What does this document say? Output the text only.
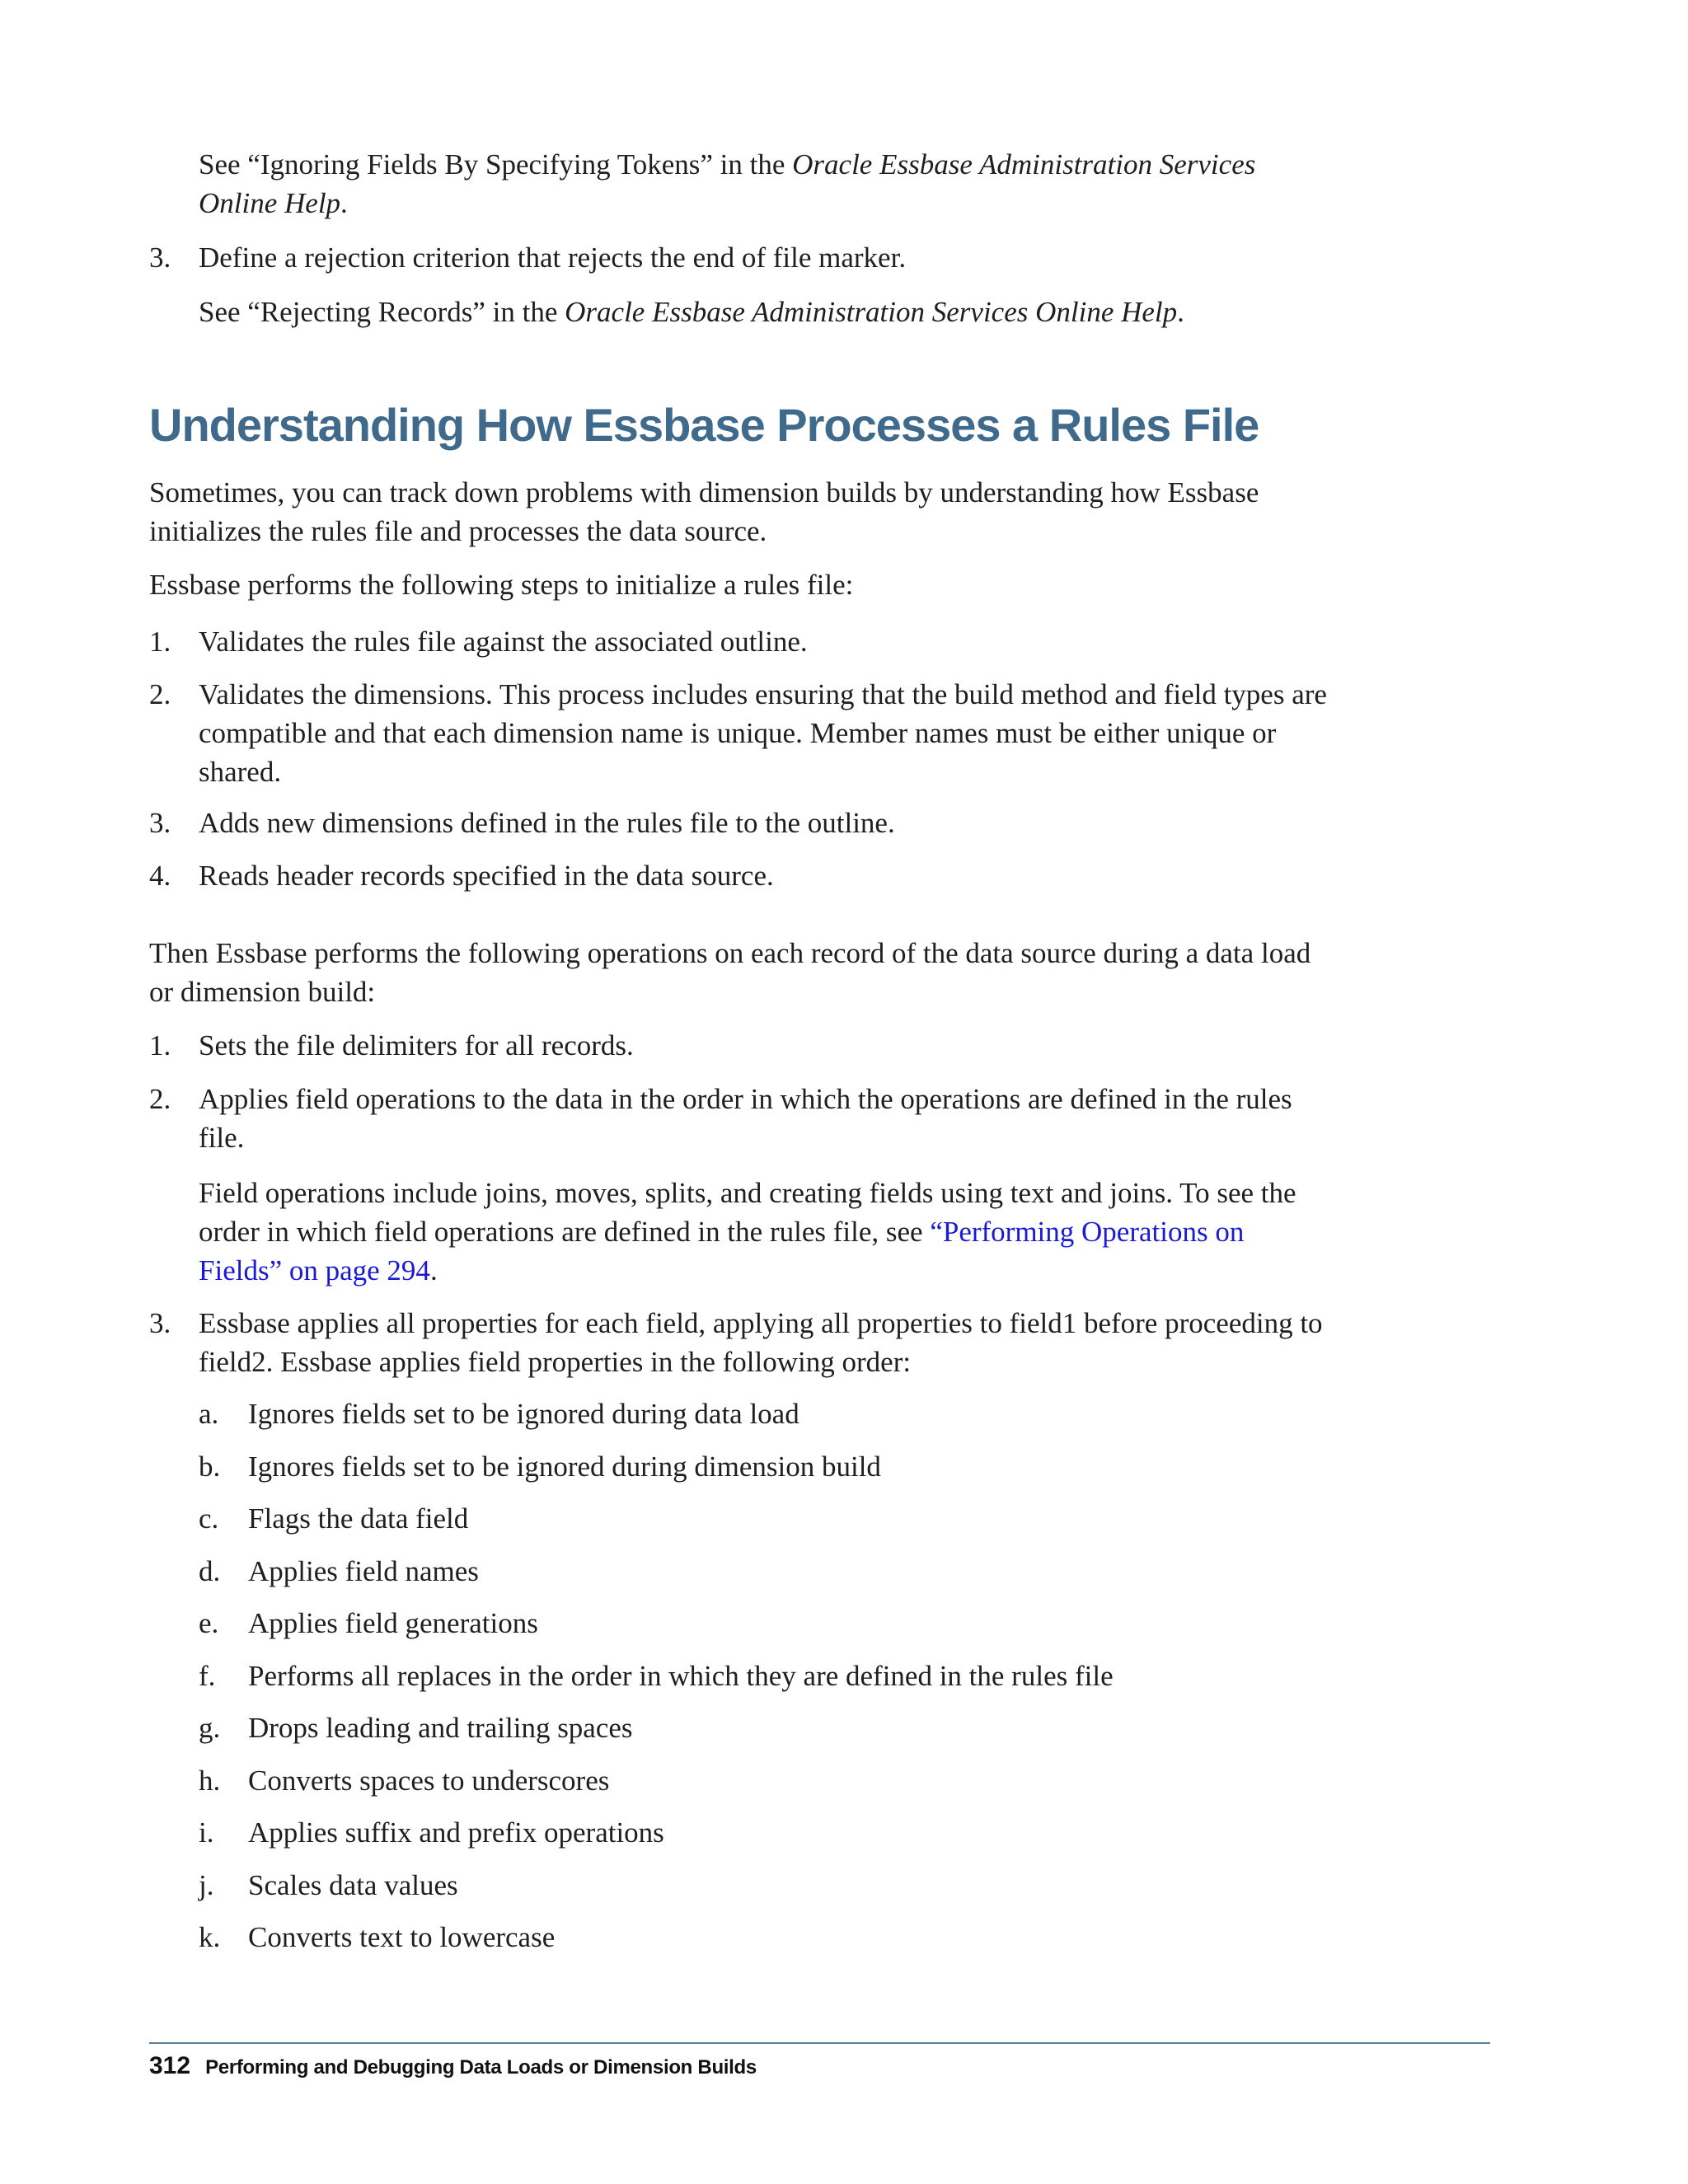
See “Ignoring Fields By Specifying Tokens” in the Oracle Essbase Administration Services Online Help.

3. Define a rejection criterion that rejects the end of file marker.

See “Rejecting Records” in the Oracle Essbase Administration Services Online Help.

Understanding How Essbase Processes a Rules File

Sometimes, you can track down problems with dimension builds by understanding how Essbase initializes the rules file and processes the data source.

Essbase performs the following steps to initialize a rules file:

1. Validates the rules file against the associated outline.
2. Validates the dimensions. This process includes ensuring that the build method and field types are compatible and that each dimension name is unique. Member names must be either unique or shared.
3. Adds new dimensions defined in the rules file to the outline.
4. Reads header records specified in the data source.

Then Essbase performs the following operations on each record of the data source during a data load or dimension build:

1. Sets the file delimiters for all records.
2. Applies field operations to the data in the order in which the operations are defined in the rules file.

Field operations include joins, moves, splits, and creating fields using text and joins. To see the order in which field operations are defined in the rules file, see “Performing Operations on Fields” on page 294.

3. Essbase applies all properties for each field, applying all properties to field1 before proceeding to field2. Essbase applies field properties in the following order:
a. Ignores fields set to be ignored during data load
b. Ignores fields set to be ignored during dimension build
c. Flags the data field
d. Applies field names
e. Applies field generations
f. Performs all replaces in the order in which they are defined in the rules file
g. Drops leading and trailing spaces
h. Converts spaces to underscores
i. Applies suffix and prefix operations
j. Scales data values
k. Converts text to lowercase
312 Performing and Debugging Data Loads or Dimension Builds
